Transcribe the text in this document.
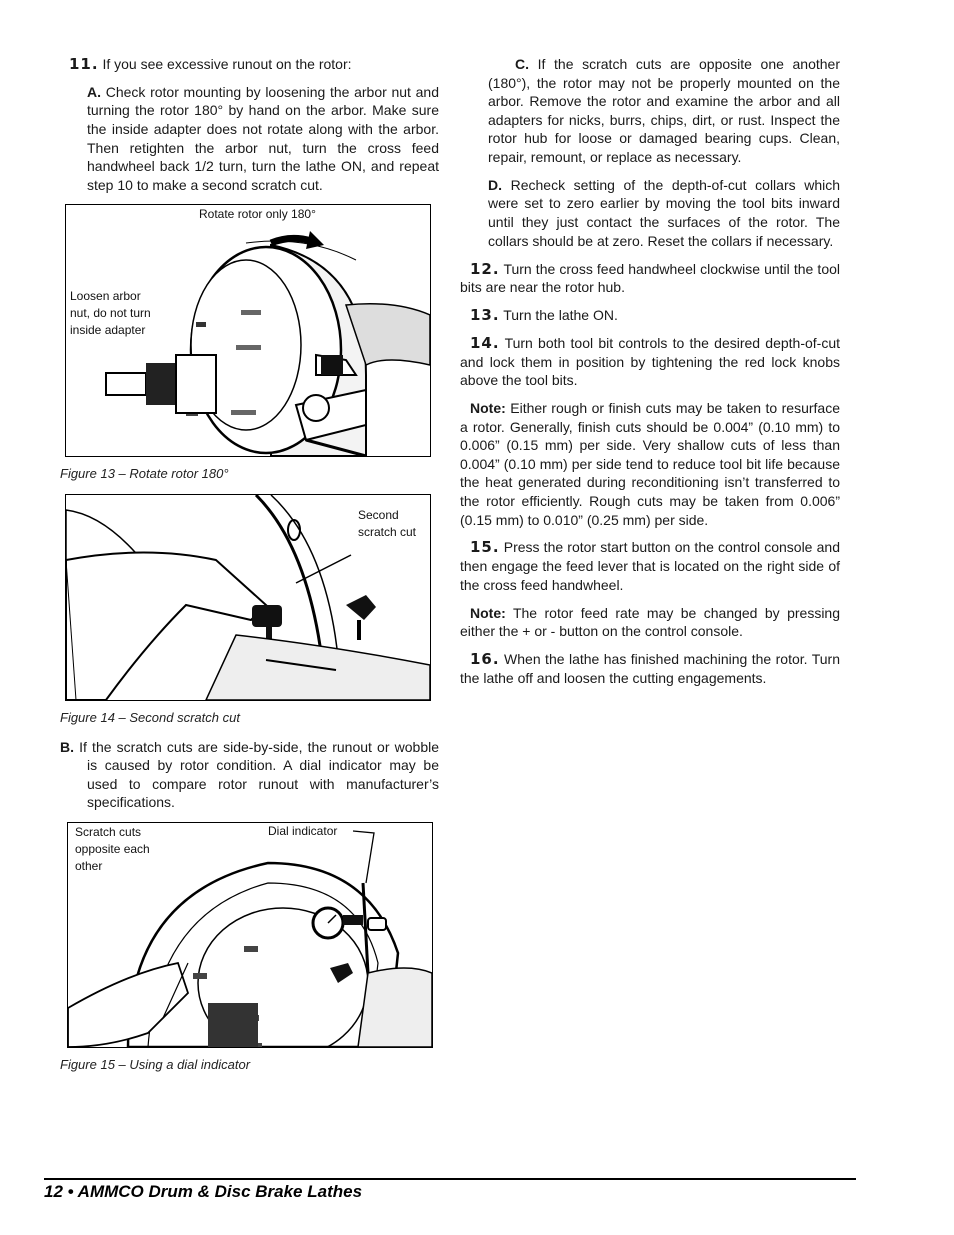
11. If you see excessive runout on the rotor:

A. Check rotor mounting by loosening the arbor nut and turning the rotor 180° by hand on the arbor. Make sure the inside adapter does not rotate along with the arbor. Then retighten the arbor nut, turn the cross feed handwheel back 1/2 turn, turn the lathe ON, and repeat step 10 to make a second scratch cut.

Rotate rotor only 180°
Loosen arbor nut, do not turn inside adapter
Figure 13 – Rotate rotor 180°
Second scratch cut
Figure 14 – Second scratch cut

B. If the scratch cuts are side-by-side, the runout or wobble is caused by rotor condition. A dial indicator may be used to compare rotor runout with manufacturer’s specifications.

Scratch cuts opposite each other
Dial indicator
Figure 15 – Using a dial indicator

C. If the scratch cuts are opposite one another (180°), the rotor may not be properly mounted on the arbor. Remove the rotor and examine the arbor and all adapters for nicks, burrs, chips, dirt, or rust. Inspect the rotor hub for loose or damaged bearing cups. Clean, repair, remount, or replace as necessary.

D. Recheck setting of the depth-of-cut collars which were set to zero earlier by moving the tool bits inward until they just contact the surfaces of the rotor. The collars should be at zero. Reset the collars if necessary.

12. Turn the cross feed handwheel clockwise until the tool bits are near the rotor hub.

13. Turn the lathe ON.

14. Turn both tool bit controls to the desired depth-of-cut and lock them in position by tightening the red lock knobs above the tool bits.

Note: Either rough or finish cuts may be taken to resurface a rotor. Generally, finish cuts should be 0.004” (0.10 mm) to 0.006” (0.15 mm) per side. Very shallow cuts of less than 0.004” (0.10 mm) per side tend to reduce tool bit life because the heat generated during reconditioning isn’t transferred to the rotor efficiently. Rough cuts may be taken from 0.006” (0.15 mm) to 0.010” (0.25 mm) per side.

15. Press the rotor start button on the control console and then engage the feed lever that is located on the right side of the cross feed handwheel.

Note: The rotor feed rate may be changed by pressing either the + or - button on the control console.

16. When the lathe has finished machining the rotor. Turn the lathe off and loosen the cutting engagements.

12 • AMMCO Drum & Disc Brake Lathes
